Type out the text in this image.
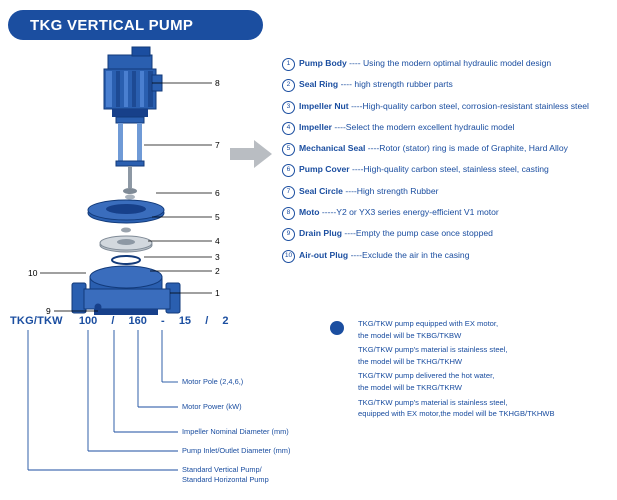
TKG VERTICAL PUMP
8
7
6
5
4
3
2
1
9
10
1	Pump Body ---- Using the modern optimal hydraulic model design
2	Seal Ring ---- high strength rubber parts
3	Impeller Nut ----High-quality carbon steel, corrosion-resistant stainless steel
4	Impeller ----Select the modern excellent hydraulic model
5	Mechanical Seal ----Rotor (stator) ring is made of Graphite, Hard Alloy
6	Pump Cover ----High-quality carbon steel, stainless steel, casting
7	Seal Circle ----High strength Rubber
8	Moto -----Y2 or YX3 series energy-efficient V1 motor
9	Drain Plug ----Empty the pump case once stopped
10 Air-out Plug ----Exclude the air in the casing
TKG/TKW 100 / 160 - 15 / 2
Motor Pole (2,4,6,)
Motor Power (kW)
Impeller Nominal Diameter (mm)
Pump Inlet/Outlet Diameter (mm)
Standard Vertical Pump/
Standard Horizontal Pump
TKG/TKW pump equipped with EX motor,
the model will be TKBG/TKBW
TKG/TKW pump's material is stainless steel,
the model will be TKHG/TKHW
TKG/TKW pump delivered the hot water,
the model will be TKRG/TKRW
TKG/TKW pump's material is stainless steel,
equipped with EX motor,the model will be TKHGB/TKHWB
